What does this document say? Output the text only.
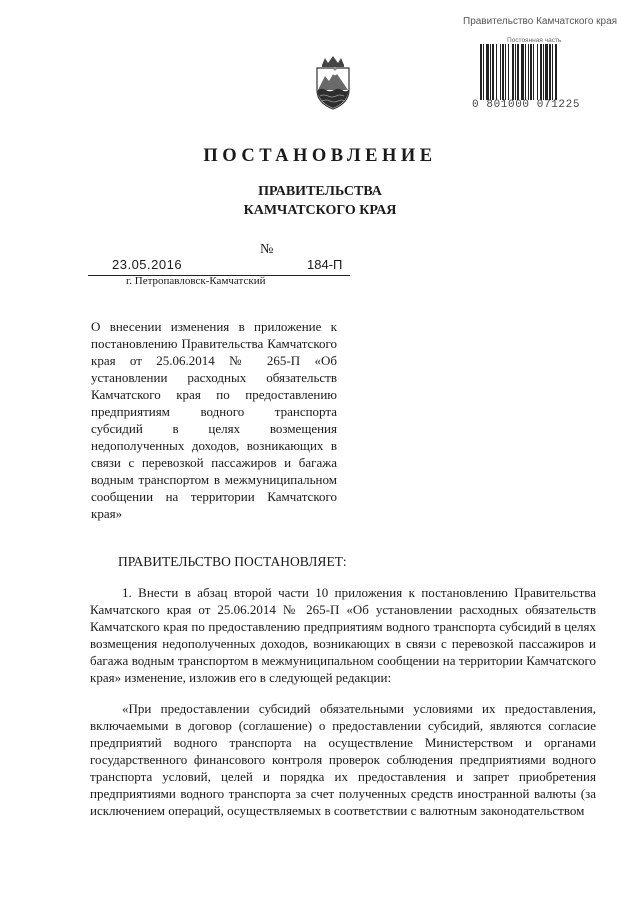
Правительство Камчатского края
Постоянная часть
0 801000 071225
ПОСТАНОВЛЕНИЕ
ПРАВИТЕЛЬСТВА
КАМЧАТСКОГО КРАЯ
№
23.05.2016	184-П
г. Петропавловск-Камчатский
О внесении изменения в приложение к постановлению Правительства Камчатского края от 25.06.2014 № 265-П «Об установлении расходных обязательств Камчатского края по предоставлению предприятиям водного транспорта субсидий в целях возмещения недополученных доходов, возникающих в связи с перевозкой пассажиров и багажа водным транспортом в межмуниципальном сообщении на территории Камчатского края»
ПРАВИТЕЛЬСТВО ПОСТАНОВЛЯЕТ:
1. Внести в абзац второй части 10 приложения к постановлению Правительства Камчатского края от 25.06.2014 № 265-П «Об установлении расходных обязательств Камчатского края по предоставлению предприятиям водного транспорта субсидий в целях возмещения недополученных доходов, возникающих в связи с перевозкой пассажиров и багажа водным транспортом в межмуниципальном сообщении на территории Камчатского края» изменение, изложив его в следующей редакции:
«При предоставлении субсидий обязательными условиями их предоставления, включаемыми в договор (соглашение) о предоставлении субсидий, являются согласие предприятий водного транспорта на осуществление Министерством и органами государственного финансового контроля проверок соблюдения предприятиями водного транспорта условий, целей и порядка их предоставления и запрет приобретения предприятиями водного транспорта за счет полученных средств иностранной валюты (за исключением операций, осуществляемых в соответствии с валютным законодательством
